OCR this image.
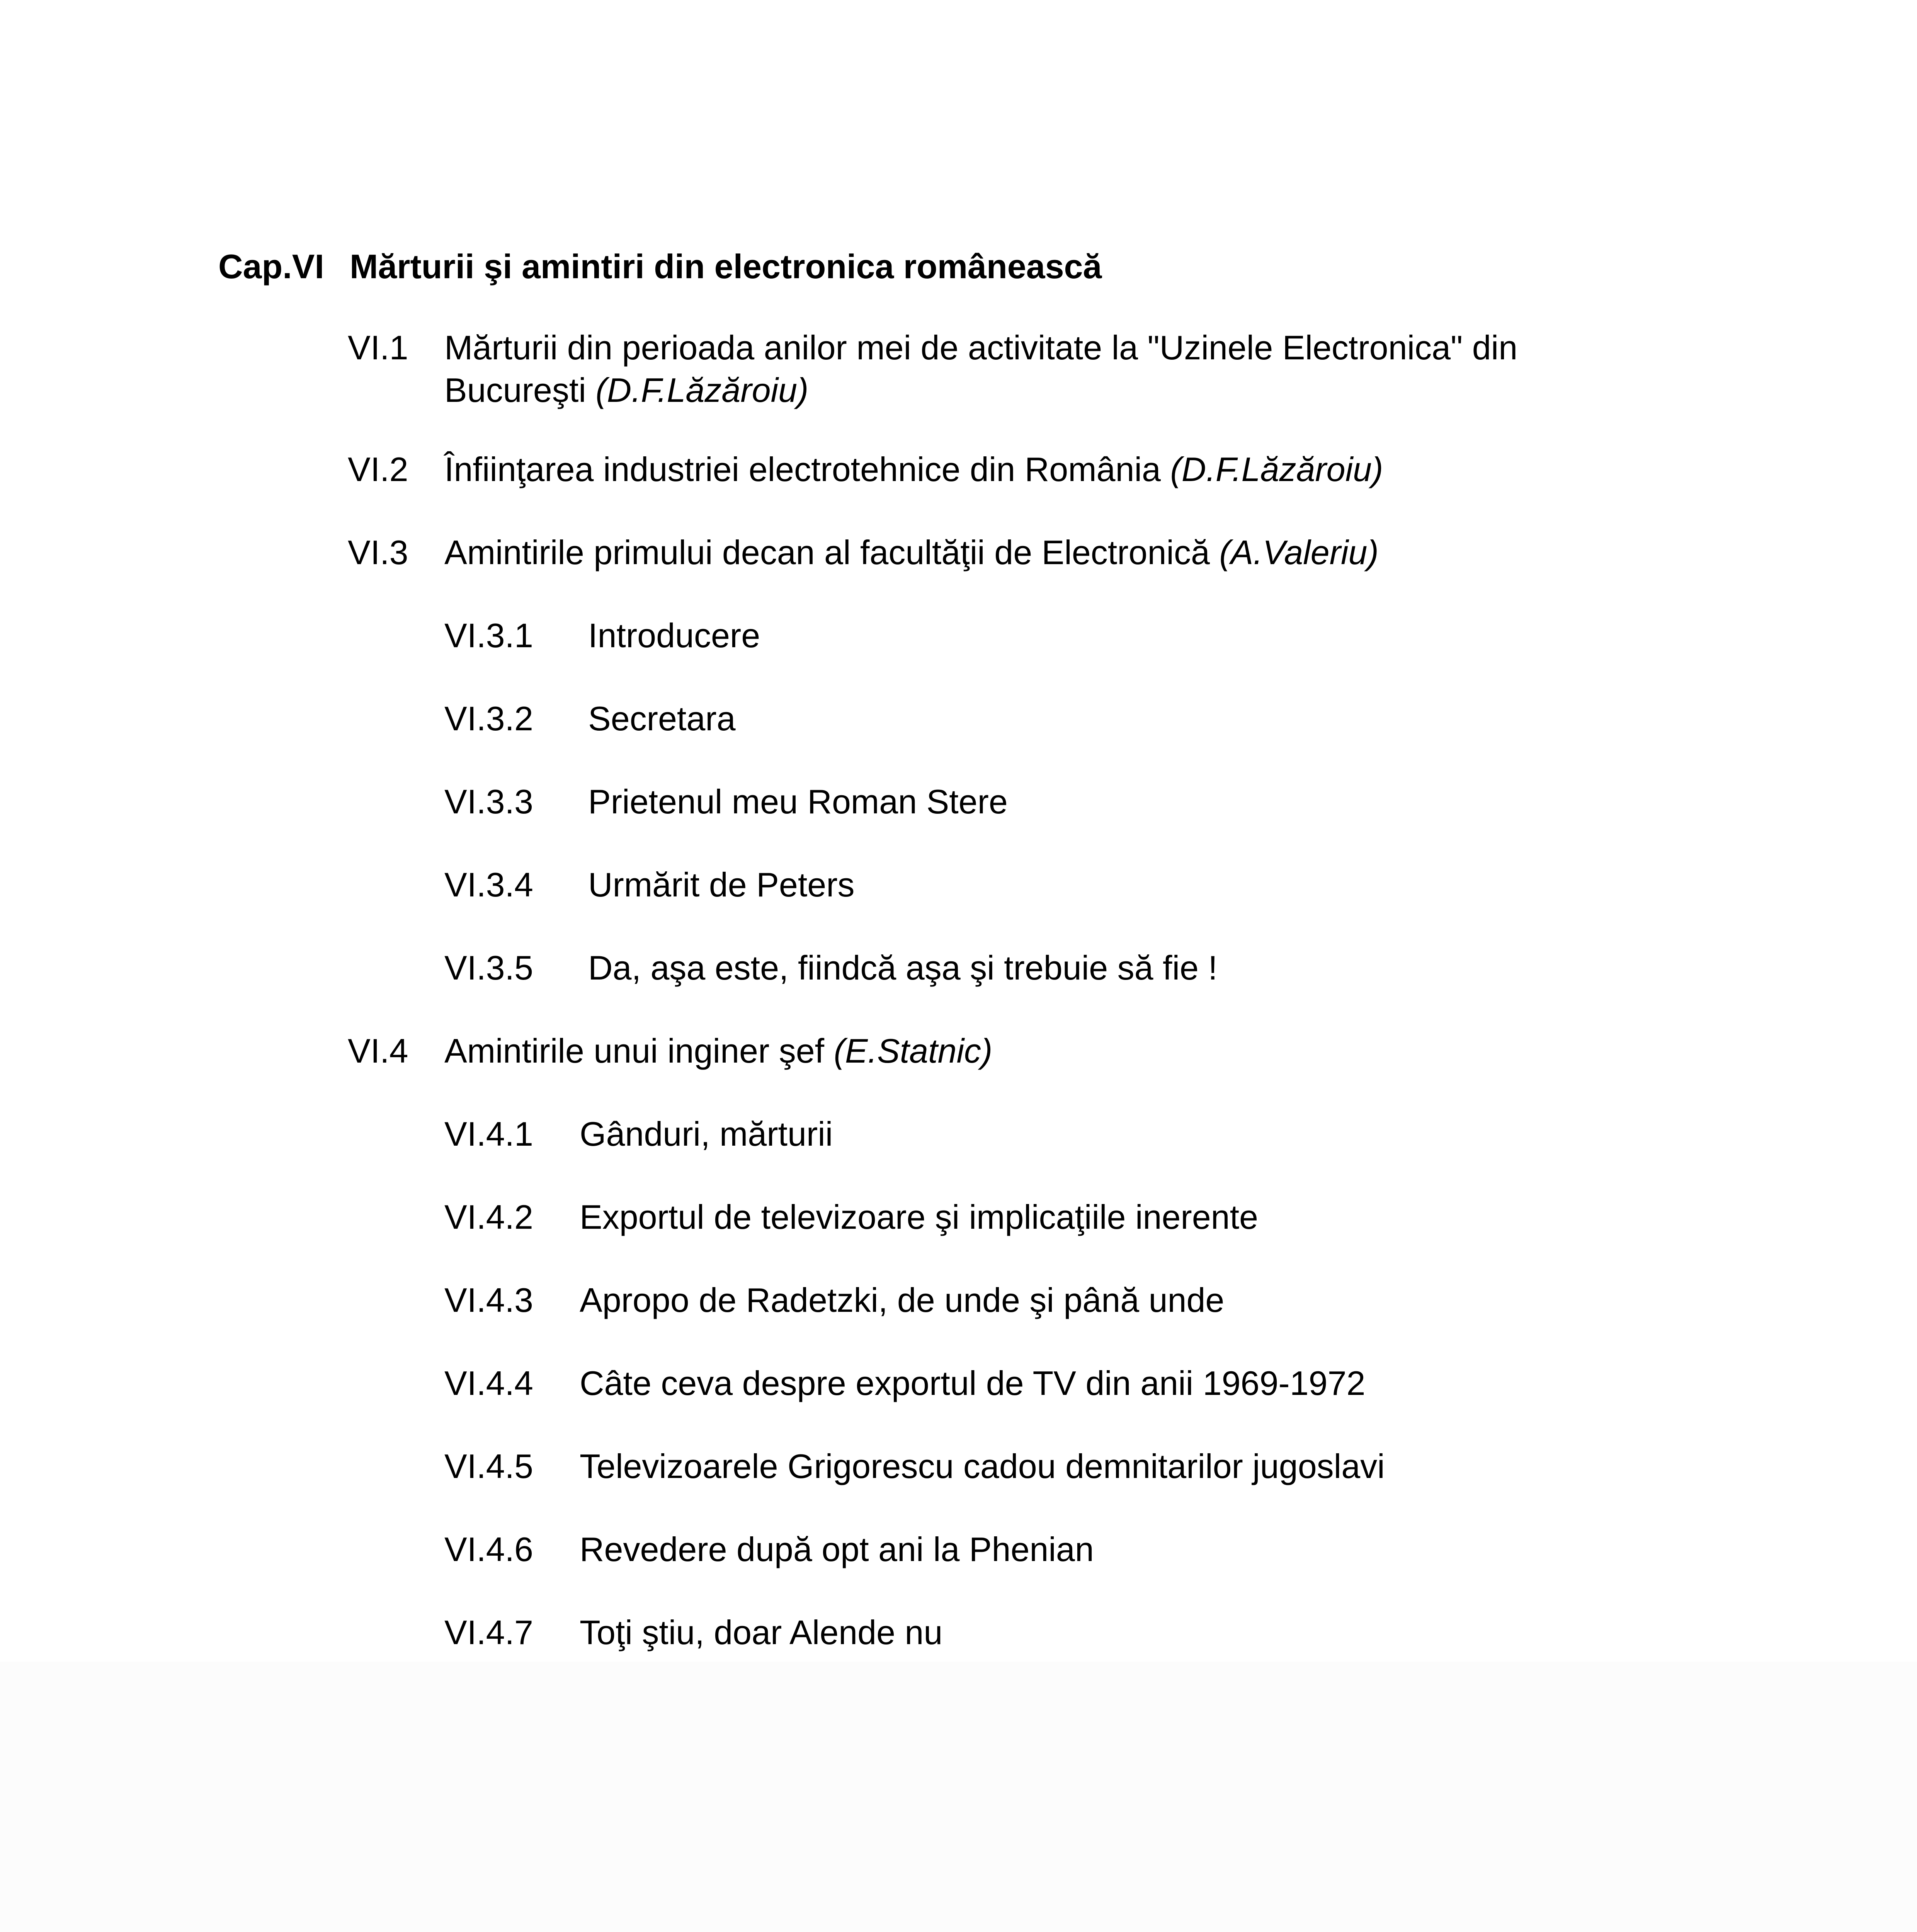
Cap.VI Mărturii şi amintiri din electronica românească
VI.1 Mărturii din perioada anilor mei de activitate la "Uzinele Electronica" din
Bucureşti (D.F.Lăzăroiu)
VI.2 Înfiinţarea industriei electrotehnice din România (D.F.Lăzăroiu)
VI.3 Amintirile primului decan al facultăţii de Electronică (A.Valeriu)
VI.3.1 Introducere
VI.3.2 Secretara
VI.3.3 Prietenul meu Roman Stere
VI.3.4 Urmărit de Peters
VI.3.5 Da, aşa este, fiindcă aşa şi trebuie să fie !
VI.4 Amintirile unui inginer şef (E.Statnic)
VI.4.1 Gânduri, mărturii
VI.4.2 Exportul de televizoare şi implicaţiile inerente
VI.4.3 Apropo de Radetzki, de unde şi până unde
VI.4.4 Câte ceva despre exportul de TV din anii 1969-1972
VI.4.5 Televizoarele Grigorescu cadou demnitarilor jugoslavi
VI.4.6 Revedere după opt ani la Phenian
VI.4.7 Toţi ştiu, doar Alende nu
